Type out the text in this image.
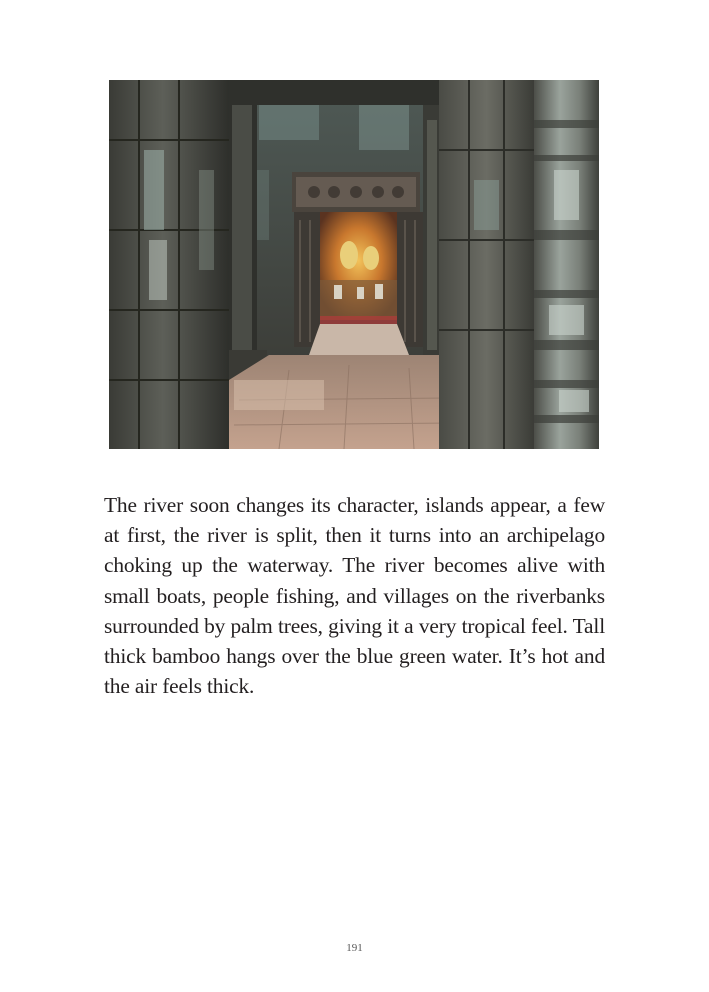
The river soon changes its character, islands appear, a few at first, the river is split, then it turns into an archipelago choking up the waterway. The river becomes alive with small boats, people fishing, and villages on the riverbanks surrounded by palm trees, giving it a very tropical feel. Tall thick bamboo hangs over the blue green water. It’s hot and the air feels thick.

191
